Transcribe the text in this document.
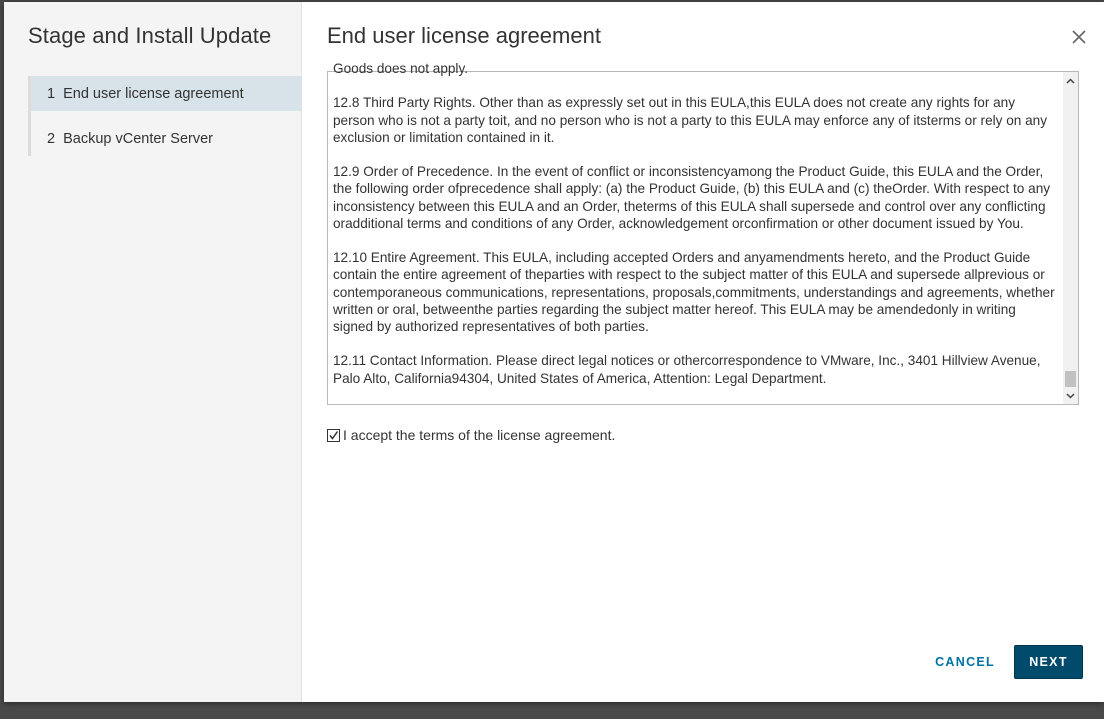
Stage and Install Update
1 End user license agreement
2 Backup vCenter Server
End user license agreement

Goods does not apply.

12.8 Third Party Rights. Other than as expressly set out in this EULA,this EULA does not create any rights for any person who is not a party toit, and no person who is not a party to this EULA may enforce any of itsterms or rely on any exclusion or limitation contained in it.

12.9 Order of Precedence. In the event of conflict or inconsistencyamong the Product Guide, this EULA and the Order, the following order ofprecedence shall apply: (a) the Product Guide, (b) this EULA and (c) theOrder. With respect to any inconsistency between this EULA and an Order, theterms of this EULA shall supersede and control over any conflicting oradditional terms and conditions of any Order, acknowledgement orconfirmation or other document issued by You.

12.10 Entire Agreement. This EULA, including accepted Orders and anyamendments hereto, and the Product Guide contain the entire agreement of theparties with respect to the subject matter of this EULA and supersede allprevious or contemporaneous communications, representations, proposals,commitments, understandings and agreements, whether written or oral, betweenthe parties regarding the subject matter hereof. This EULA may be amendedonly in writing signed by authorized representatives of both parties.

12.11 Contact Information. Please direct legal notices or othercorrespondence to VMware, Inc., 3401 Hillview Avenue, Palo Alto, California94304, United States of America, Attention: Legal Department.

I accept the terms of the license agreement.
CANCEL	NEXT
